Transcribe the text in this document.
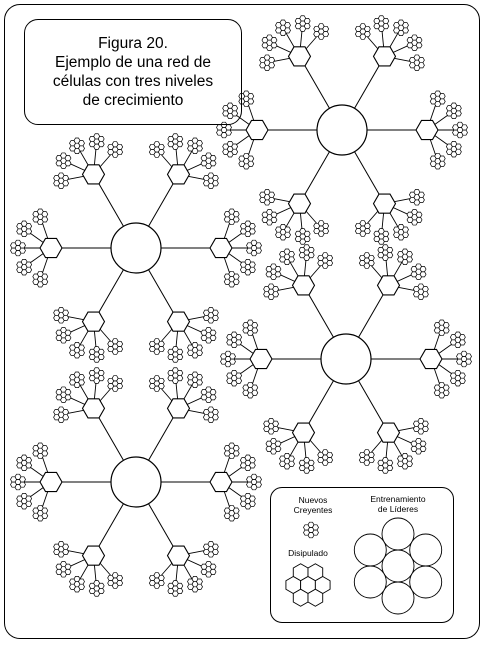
Figura 20.
Ejemplo de una red de
células con tres niveles
de crecimiento
Nuevos
Creyentes
Disipulado
Entrenamiento
de Líderes
